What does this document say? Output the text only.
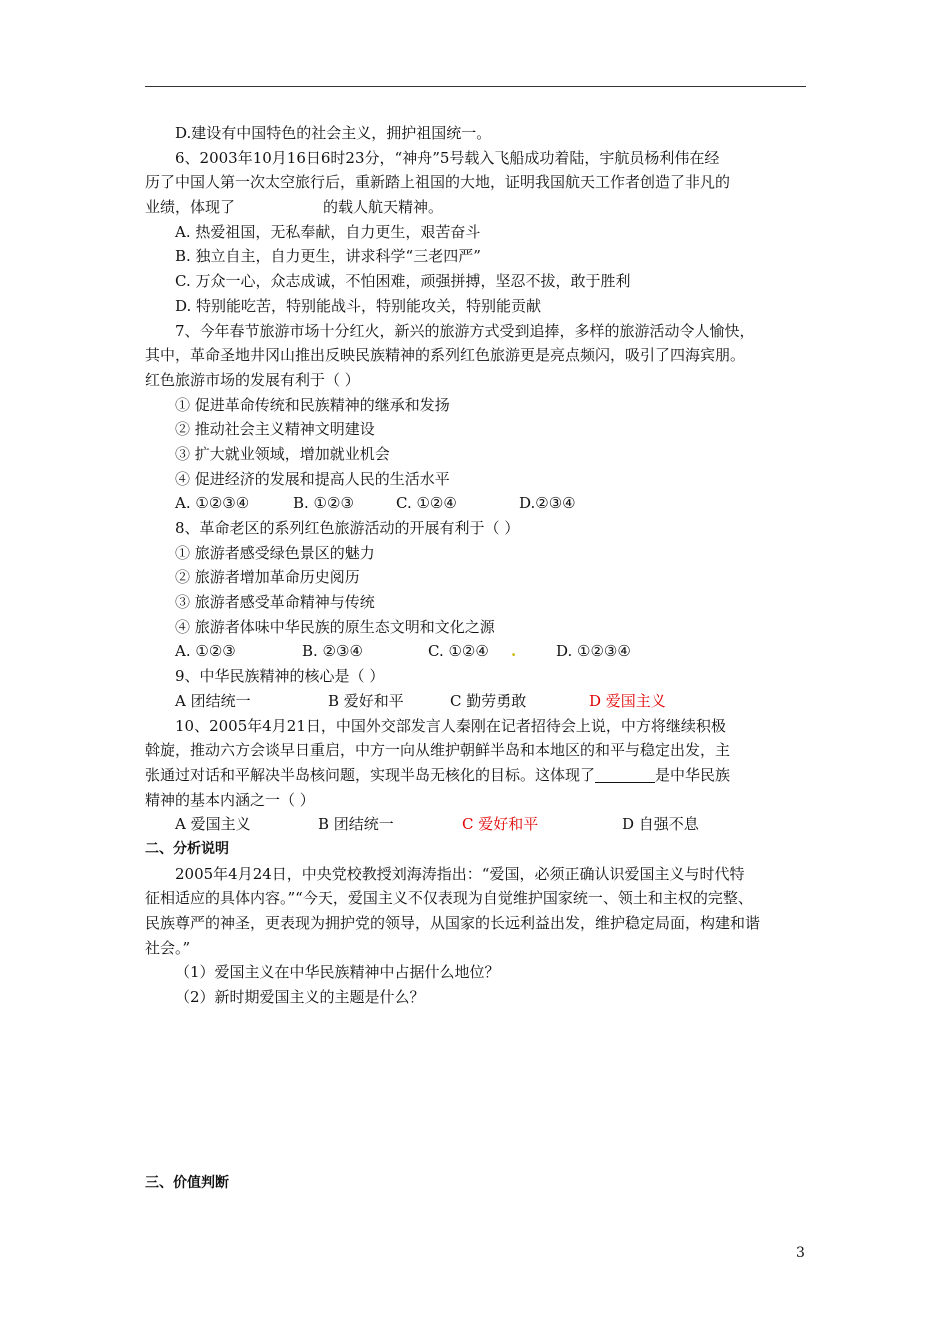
D.建设有中国特色的社会主义，拥护祖国统一。
6、2003年10月16日6时23分，“神舟”5号载入飞船成功着陆，宇航员杨利伟在经
历了中国人第一次太空旅行后，重新踏上祖国的大地，证明我国航天工作者创造了非凡的
业绩，体现了	的载人航天精神。
A. 热爱祖国，无私奉献，自力更生，艰苦奋斗
B. 独立自主，自力更生，讲求科学“三老四严”
C. 万众一心，众志成诚，不怕困难，顽强拼搏，坚忍不拔，敢于胜利
D. 特别能吃苦，特别能战斗，特别能攻关，特别能贡献
7、今年春节旅游市场十分红火，新兴的旅游方式受到追捧，多样的旅游活动令人愉快，
其中，革命圣地井冈山推出反映民族精神的系列红色旅游更是亮点频闪，吸引了四海宾朋。
红色旅游市场的发展有利于（ ）
① 促进革命传统和民族精神的继承和发扬
② 推动社会主义精神文明建设
③ 扩大就业领域，增加就业机会
④ 促进经济的发展和提高人民的生活水平
A. ①②③④	B. ①②③	C. ①②④	D.②③④
8、革命老区的系列红色旅游活动的开展有利于（ ）
① 旅游者感受绿色景区的魅力
② 旅游者增加革命历史阅历
③ 旅游者感受革命精神与传统
④ 旅游者体味中华民族的原生态文明和文化之源
A. ①②③	B. ②③④	C. ①②④ .	D. ①②③④
9、中华民族精神的核心是（ ）
A 团结统一	B 爱好和平	C 勤劳勇敢	D 爱国主义
10、2005年4月21日，中国外交部发言人秦刚在记者招待会上说，中方将继续积极
斡旋，推动六方会谈早日重启，中方一向从维护朝鲜半岛和本地区的和平与稳定出发，主
张通过对话和平解决半岛核问题，实现半岛无核化的目标。这体现了	是中华民族
精神的基本内涵之一（ ）
A 爱国主义	B 团结统一	C 爱好和平	D 自强不息
二、分析说明
2005年4月24日，中央党校教授刘海涛指出：“爱国，必须正确认识爱国主义与时代特
征相适应的具体内容。”“今天，爱国主义不仅表现为自觉维护国家统一、领土和主权的完整、
民族尊严的神圣，更表现为拥护党的领导，从国家的长远利益出发，维护稳定局面，构建和谐
社会。”
（1）爱国主义在中华民族精神中占据什么地位？
（2）新时期爱国主义的主题是什么？
三、价值判断
3
